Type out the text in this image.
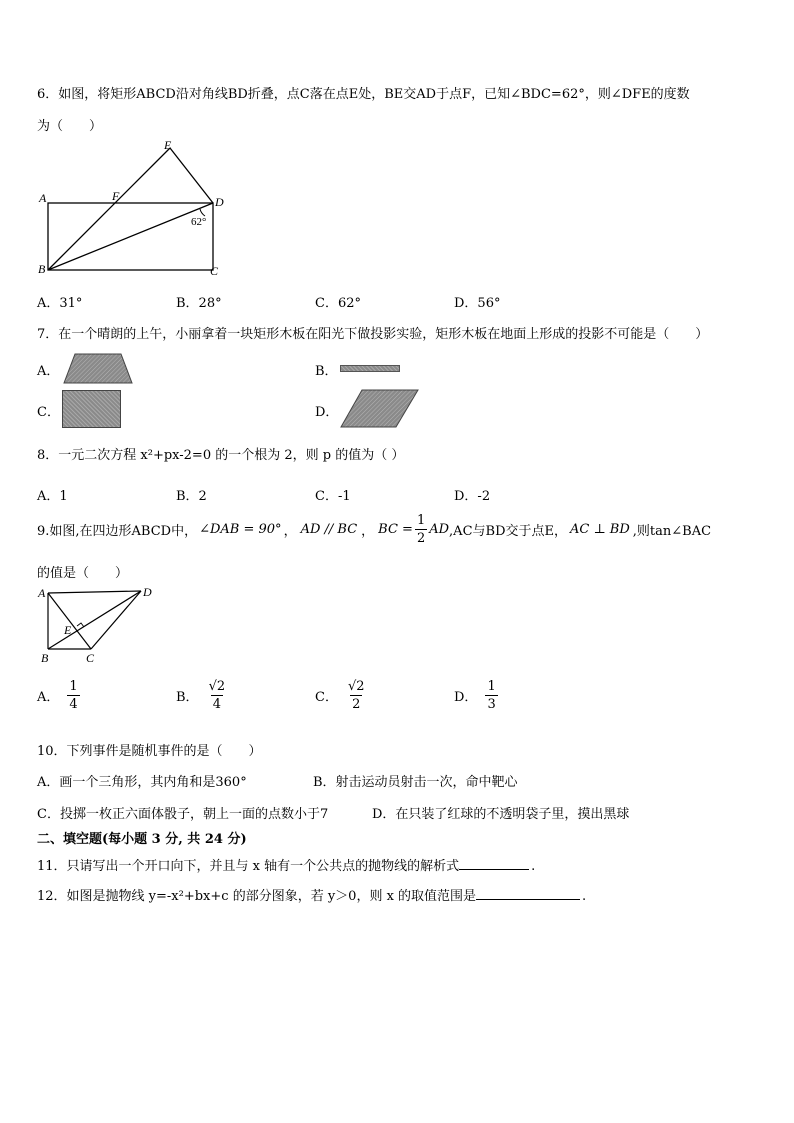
6．如图，将矩形ABCD沿对角线BD折叠，点C落在点E处，BE交AD于点F，已知∠BDC=62°，则∠DFE的度数
为（　　）
E
A	F	D
62°
B	C
A．31°	B．28°	C．62°	D．56°
7．在一个晴朗的上午，小丽拿着一块矩形木板在阳光下做投影实验，矩形木板在地面上形成的投影不可能是（　　）
A．	B．
C．	D．
8．一元二次方程 x²+px-2=0 的一个根为 2，则 p 的值为（ ）
A．1	B．2	C．-1	D．-2
9.如图,在四边形ABCD中， ∠DAB = 90° ， AD // BC ， BC = $\frac{1}{2}$ AD ,AC与BD交于点E， AC ⊥ BD ,则tan∠BAC
的值是（　　）
A	D
E
B	C
A． $\frac{1}{4}$	B． $\frac{√2}{4}$	C． $\frac{√2}{2}$	D． $\frac{1}{3}$
10．下列事件是随机事件的是（　　）
A．画一个三角形，其内角和是360°	B．射击运动员射击一次，命中靶心
C．投掷一枚正六面体骰子，朝上一面的点数小于7	D．在只装了红球的不透明袋子里，摸出黑球
二、填空题(每小题 3 分, 共 24 分)
11．只请写出一个开口向下，并且与 x 轴有一个公共点的抛物线的解析式	.
12．如图是抛物线 y=-x²+bx+c 的部分图象，若 y＞0，则 x 的取值范围是	.
